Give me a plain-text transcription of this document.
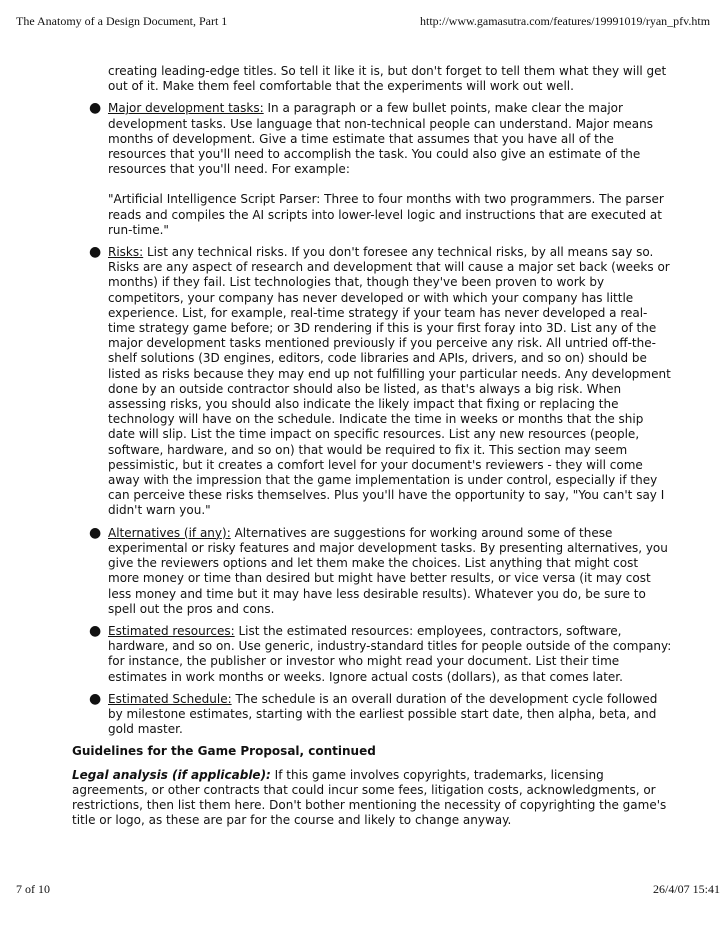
The Anatomy of a Design Document, Part 1	http://www.gamasutra.com/features/19991019/ryan_pfv.htm

creating leading-edge titles. So tell it like it is, but don't forget to tell them what they will get out of it. Make them feel comfortable that the experiments will work out well.

● Major development tasks: In a paragraph or a few bullet points, make clear the major development tasks. Use language that non-technical people can understand. Major means months of development. Give a time estimate that assumes that you have all of the resources that you'll need to accomplish the task. You could also give an estimate of the resources that you'll need. For example:

"Artificial Intelligence Script Parser: Three to four months with two programmers. The parser reads and compiles the AI scripts into lower-level logic and instructions that are executed at run-time."

● Risks: List any technical risks. If you don't foresee any technical risks, by all means say so. Risks are any aspect of research and development that will cause a major set back (weeks or months) if they fail. List technologies that, though they've been proven to work by competitors, your company has never developed or with which your company has little experience. List, for example, real-time strategy if your team has never developed a real-time strategy game before; or 3D rendering if this is your first foray into 3D. List any of the major development tasks mentioned previously if you perceive any risk. All untried off-the-shelf solutions (3D engines, editors, code libraries and APIs, drivers, and so on) should be listed as risks because they may end up not fulfilling your particular needs. Any development done by an outside contractor should also be listed, as that's always a big risk. When assessing risks, you should also indicate the likely impact that fixing or replacing the technology will have on the schedule. Indicate the time in weeks or months that the ship date will slip. List the time impact on specific resources. List any new resources (people, software, hardware, and so on) that would be required to fix it. This section may seem pessimistic, but it creates a comfort level for your document's reviewers - they will come away with the impression that the game implementation is under control, especially if they can perceive these risks themselves. Plus you'll have the opportunity to say, "You can't say I didn't warn you."

● Alternatives (if any): Alternatives are suggestions for working around some of these experimental or risky features and major development tasks. By presenting alternatives, you give the reviewers options and let them make the choices. List anything that might cost more money or time than desired but might have better results, or vice versa (it may cost less money and time but it may have less desirable results). Whatever you do, be sure to spell out the pros and cons.

● Estimated resources: List the estimated resources: employees, contractors, software, hardware, and so on. Use generic, industry-standard titles for people outside of the company: for instance, the publisher or investor who might read your document. List their time estimates in work months or weeks. Ignore actual costs (dollars), as that comes later.

● Estimated Schedule: The schedule is an overall duration of the development cycle followed by milestone estimates, starting with the earliest possible start date, then alpha, beta, and gold master.

Guidelines for the Game Proposal, continued

Legal analysis (if applicable): If this game involves copyrights, trademarks, licensing agreements, or other contracts that could incur some fees, litigation costs, acknowledgments, or restrictions, then list them here. Don't bother mentioning the necessity of copyrighting the game's title or logo, as these are par for the course and likely to change anyway.

7 of 10	26/4/07 15:41
